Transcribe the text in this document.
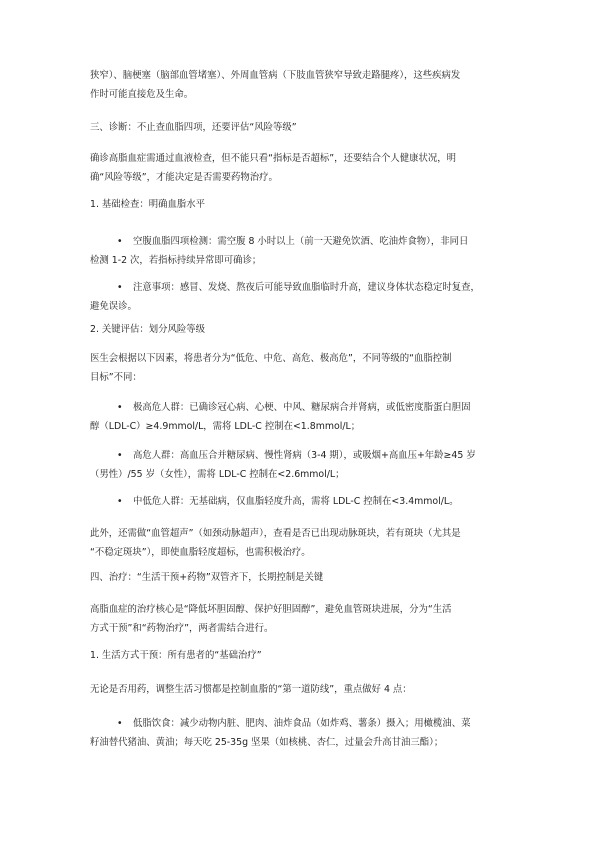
狭窄）、脑梗塞（脑部血管堵塞）、外周血管病（下肢血管狭窄导致走路腿疼），这些疾病发
作时可能直接危及生命。
三、诊断：不止查血脂四项，还要评估“风险等级”
确诊高脂血症需通过血液检查，但不能只看“指标是否超标”，还要结合个人健康状况，明
确“风险等级”，才能决定是否需要药物治疗。
1. 基础检查：明确血脂水平
•	空腹血脂四项检测：需空腹 8 小时以上（前一天避免饮酒、吃油炸食物），非同日
检测 1-2 次，若指标持续异常即可确诊；
•	注意事项：感冒、发烧、熬夜后可能导致血脂临时升高，建议身体状态稳定时复查，
避免误诊。
2. 关键评估：划分风险等级
医生会根据以下因素，将患者分为“低危、中危、高危、极高危”，不同等级的“血脂控制
目标”不同：
•	极高危人群：已确诊冠心病、心梗、中风、糖尿病合并肾病，或低密度脂蛋白胆固
醇（LDL-C）≥4.9mmol/L，需将 LDL-C 控制在<1.8mmol/L；
•	高危人群：高血压合并糖尿病、慢性肾病（3-4 期），或吸烟+高血压+年龄≥45 岁
（男性）/55 岁（女性），需将 LDL-C 控制在<2.6mmol/L；
•	中低危人群：无基础病，仅血脂轻度升高，需将 LDL-C 控制在<3.4mmol/L。
此外，还需做“血管超声”（如颈动脉超声），查看是否已出现动脉斑块，若有斑块（尤其是
“不稳定斑块”），即使血脂轻度超标，也需积极治疗。
四、治疗：“生活干预+药物”双管齐下，长期控制是关键
高脂血症的治疗核心是“降低坏胆固醇、保护好胆固醇”，避免血管斑块进展，分为“生活
方式干预”和“药物治疗”，两者需结合进行。
1. 生活方式干预：所有患者的“基础治疗”
无论是否用药，调整生活习惯都是控制血脂的“第一道防线”，重点做好 4 点：
•	低脂饮食：减少动物内脏、肥肉、油炸食品（如炸鸡、薯条）摄入；用橄榄油、菜
籽油替代猪油、黄油；每天吃 25-35g 坚果（如核桃、杏仁，过量会升高甘油三酯）；
